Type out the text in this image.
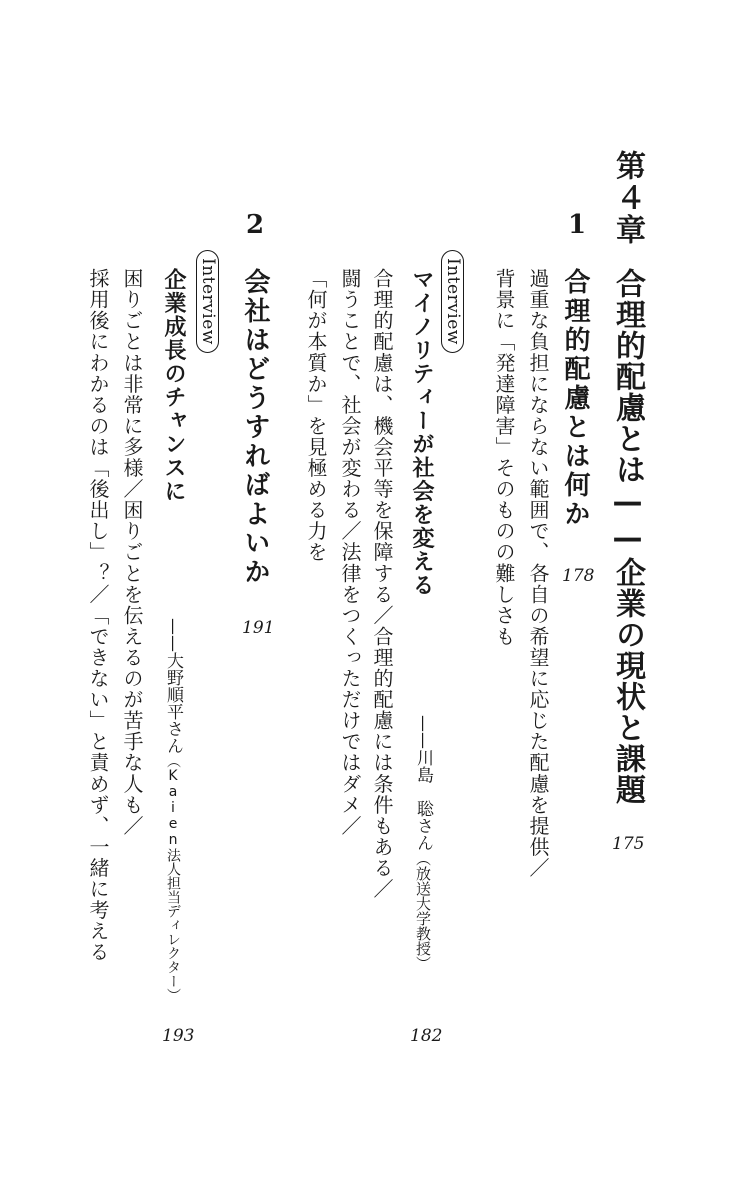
第４章
合理的配慮とは——企業の現状と課題
175
1
合理的配慮とは何か
178
過重な負担にならない範囲で、各自の希望に応じた配慮を提供／
背景に「発達障害」そのものの難しさも
Interview
マイノリティーが社会を変える
——川島　聡さん（放送大学教授）
合理的配慮は、機会平等を保障する／合理的配慮には条件もある／
闘うことで、社会が変わる／法律をつくっただけではダメ／
「何が本質か」を見極める力を
182
2
会社はどうすればよいか
191
Interview
企業成長のチャンスに
——大野順平さん（Kaien法人担当ディレクター）
困りごとは非常に多様／困りごとを伝えるのが苦手な人も／
採用後にわかるのは「後出し」？／「できない」と責めず、一緒に考える
193
